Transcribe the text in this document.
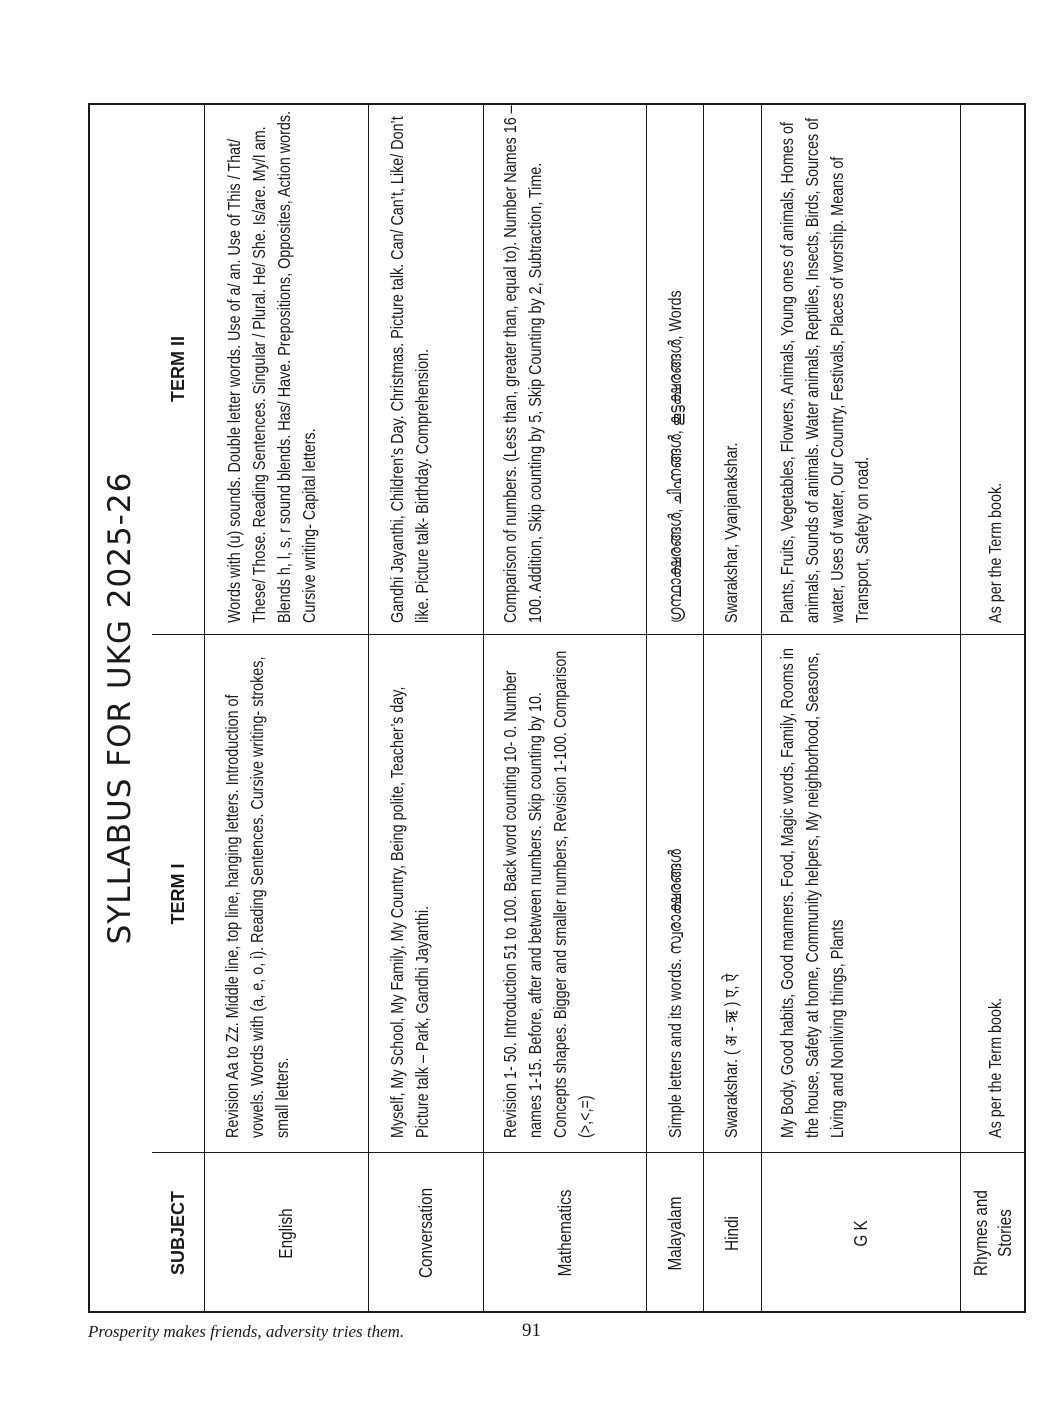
SYLLABUS FOR UKG 2025-26
SUBJECT
TERM I
TERM II
English
Revision Aa to Zz. Middle line, top line, hanging letters. Introduction of vowels. Words with (a, e, o, i). Reading Sentences. Cursive writing- strokes, small letters.
Words with (u) sounds. Double letter words. Use of a/ an. Use of This / That/ These/ Those. Reading Sentences. Singular / Plural. He/ She. Is/are. My/I am. Blends h, l, s, r sound blends. Has/ Have. Prepositions, Opposites, Action words. Cursive writing- Capital letters.
Conversation
Myself, My School, My Family, My Country, Being polite, Teacher’s day, Picture talk – Park, Gandhi Jayanthi.
Gandhi Jayanthi, Children’s Day. Christmas. Picture talk. Can/ Can’t, Like/ Don’t like. Picture talk- Birthday. Comprehension.
Mathematics
Revision 1- 50. Introduction 51 to 100. Back word counting 10- 0. Number names 1-15. Before, after and between numbers. Skip counting by 10. Concepts shapes. Bigger and smaller numbers, Revision 1-100. Comparison (>,<,=)
Comparison of numbers. (Less than, greater than, equal to). Number Names 16 – 100. Addition, Skip counting by 5, Skip Counting by 2, Subtraction, Time.
Malayalam
Simple letters and its words. സ്വരാക്ഷരങ്ങൾ
ഗ്രന്ഥാക്ഷരങ്ങൾ, ചിഹ്നങ്ങൾ, കൂട്ടക്ഷരങ്ങൾ, Words
Hindi
Swarakshar. ( अ - ऋ ) ए, ऐ
Swarakshar, Vyanjanakshar.
G K
My Body, Good habits, Good manners. Food, Magic words, Family, Rooms in the house, Safety at home, Community helpers, My neighborhood, Seasons, Living and Nonliving things, Plants
Plants, Fruits, Vegetables, Flowers, Animals, Young ones of animals, Homes of animals, Sounds of animals. Water animals, Reptiles, Insects, Birds, Sources of water, Uses of water, Our Country, Festivals, Places of worship. Means of Transport, Safety on road.
Rhymes and Stories
As per the Term book.
As per the Term book.
Prosperity makes friends, adversity tries them.	91
